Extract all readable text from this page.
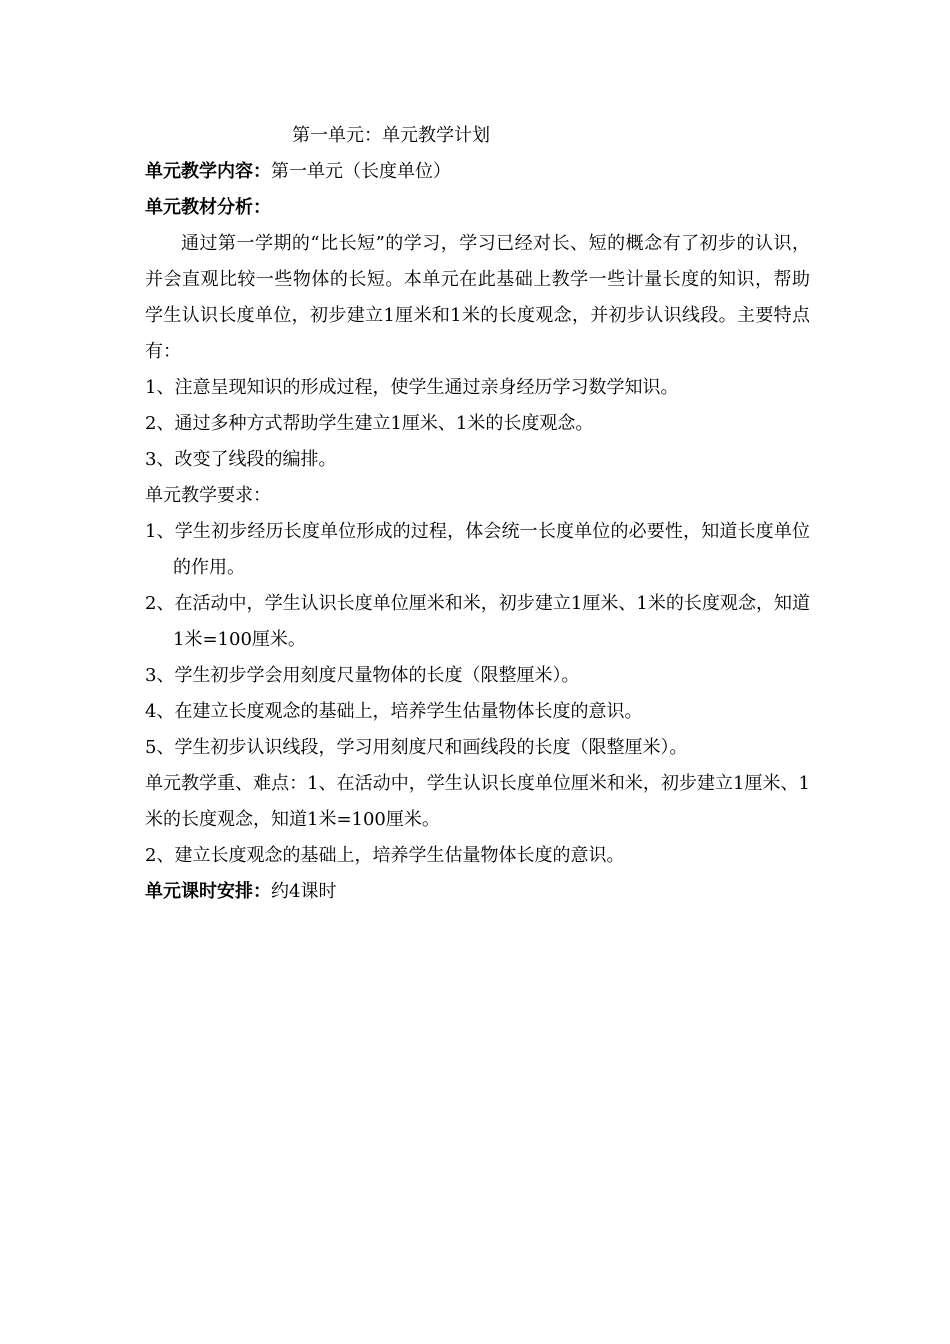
第一单元：单元教学计划

单元教学内容：第一单元（长度单位）

单元教材分析：

通过第一学期的“比长短”的学习，学习已经对长、短的概念有了初步的认识，并会直观比较一些物体的长短。本单元在此基础上教学一些计量长度的知识，帮助学生认识长度单位，初步建立1厘米和1米的长度观念，并初步认识线段。主要特点有：

1、注意呈现知识的形成过程，使学生通过亲身经历学习数学知识。

2、通过多种方式帮助学生建立1厘米、1米的长度观念。

3、改变了线段的编排。

单元教学要求：

1、学生初步经历长度单位形成的过程，体会统一长度单位的必要性，知道长度单位的作用。

2、在活动中，学生认识长度单位厘米和米，初步建立1厘米、1米的长度观念，知道1米=100厘米。

3、学生初步学会用刻度尺量物体的长度（限整厘米）。

4、在建立长度观念的基础上，培养学生估量物体长度的意识。

5、学生初步认识线段，学习用刻度尺和画线段的长度（限整厘米）。

单元教学重、难点：1、在活动中，学生认识长度单位厘米和米，初步建立1厘米、1米的长度观念，知道1米=100厘米。

2、建立长度观念的基础上，培养学生估量物体长度的意识。

单元课时安排：约4课时
